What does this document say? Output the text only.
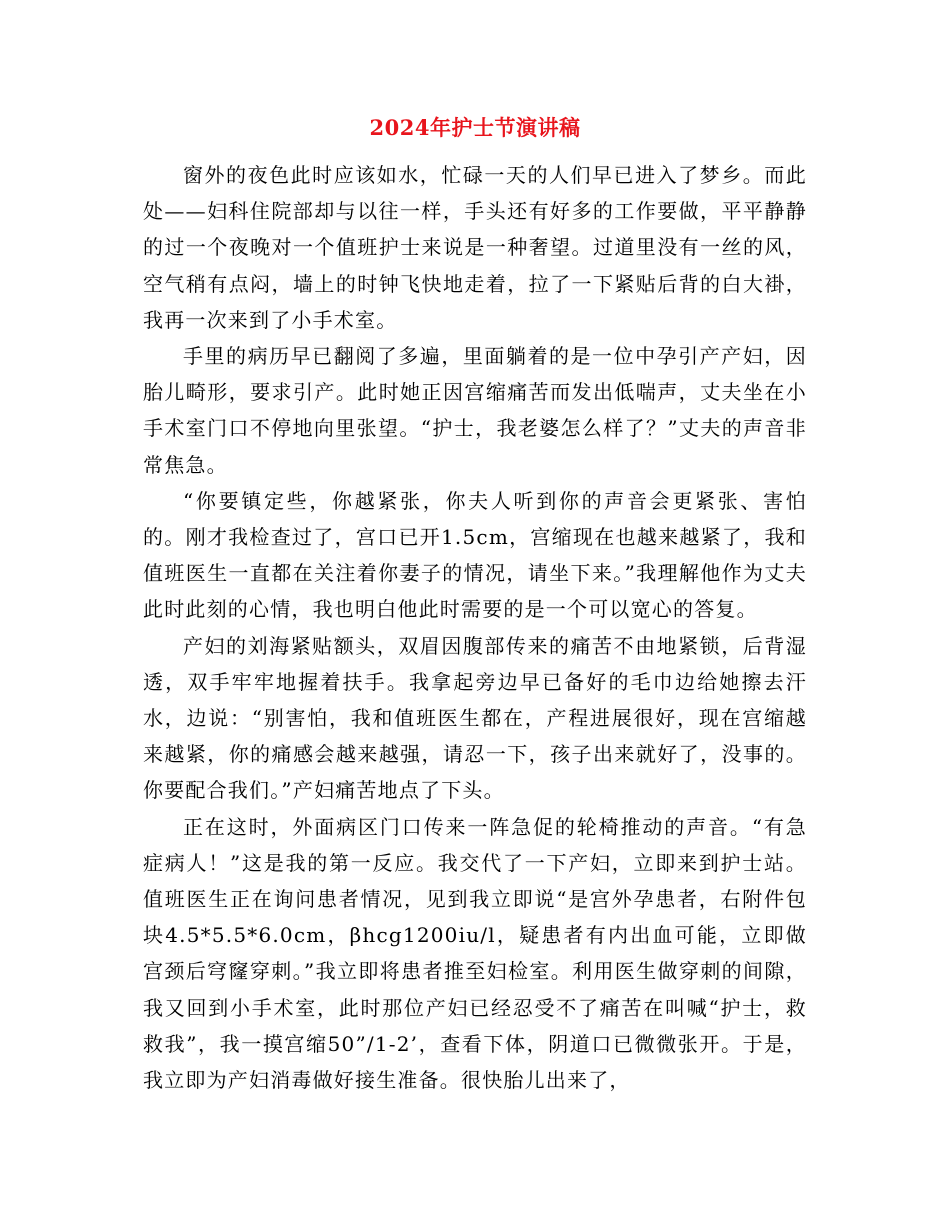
2024年护士节演讲稿

窗外的夜色此时应该如水，忙碌一天的人们早已进入了梦乡。而此处——妇科住院部却与以往一样，手头还有好多的工作要做，平平静静的过一个夜晚对一个值班护士来说是一种奢望。过道里没有一丝的风，空气稍有点闷，墙上的时钟飞快地走着，拉了一下紧贴后背的白大褂，我再一次来到了小手术室。

手里的病历早已翻阅了多遍，里面躺着的是一位中孕引产产妇，因胎儿畸形，要求引产。此时她正因宫缩痛苦而发出低喘声，丈夫坐在小手术室门口不停地向里张望。“护士，我老婆怎么样了？”丈夫的声音非常焦急。

“你要镇定些，你越紧张，你夫人听到你的声音会更紧张、害怕的。刚才我检查过了，宫口已开1.5cm，宫缩现在也越来越紧了，我和值班医生一直都在关注着你妻子的情况，请坐下来。”我理解他作为丈夫此时此刻的心情，我也明白他此时需要的是一个可以宽心的答复。

产妇的刘海紧贴额头，双眉因腹部传来的痛苦不由地紧锁，后背湿透，双手牢牢地握着扶手。我拿起旁边早已备好的毛巾边给她擦去汗水，边说：“别害怕，我和值班医生都在，产程进展很好，现在宫缩越来越紧，你的痛感会越来越强，请忍一下，孩子出来就好了，没事的。你要配合我们。”产妇痛苦地点了下头。

正在这时，外面病区门口传来一阵急促的轮椅推动的声音。“有急症病人！”这是我的第一反应。我交代了一下产妇，立即来到护士站。值班医生正在询问患者情况，见到我立即说“是宫外孕患者，右附件包块4.5*5.5*6.0cm，βhcg1200iu/l，疑患者有内出血可能，立即做宫颈后穹窿穿刺。”我立即将患者推至妇检室。利用医生做穿刺的间隙，我又回到小手术室，此时那位产妇已经忍受不了痛苦在叫喊“护士，救救我”，我一摸宫缩50”/1-2’，查看下体，阴道口已微微张开。于是，我立即为产妇消毒做好接生准备。很快胎儿出来了，
